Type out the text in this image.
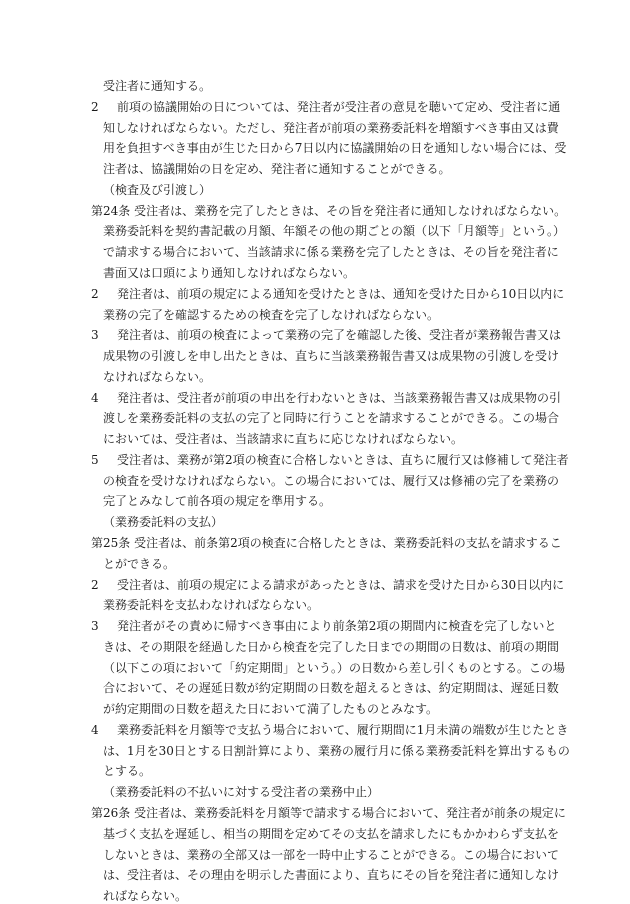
受注者に通知する。
2 前項の協議開始の日については、発注者が受注者の意見を聴いて定め、受注者に通
知しなければならない。ただし、発注者が前項の業務委託料を増額すべき事由又は費
用を負担すべき事由が生じた日から7日以内に協議開始の日を通知しない場合には、受
注者は、協議開始の日を定め、発注者に通知することができる。
（検査及び引渡し）
第24条 受注者は、業務を完了したときは、その旨を発注者に通知しなければならない。
業務委託料を契約書記載の月額、年額その他の期ごとの額（以下「月額等」という。）
で請求する場合において、当該請求に係る業務を完了したときは、その旨を発注者に
書面又は口頭により通知しなければならない。
2 発注者は、前項の規定による通知を受けたときは、通知を受けた日から10日以内に
業務の完了を確認するための検査を完了しなければならない。
3 発注者は、前項の検査によって業務の完了を確認した後、受注者が業務報告書又は
成果物の引渡しを申し出たときは、直ちに当該業務報告書又は成果物の引渡しを受け
なければならない。
4 発注者は、受注者が前項の申出を行わないときは、当該業務報告書又は成果物の引
渡しを業務委託料の支払の完了と同時に行うことを請求することができる。この場合
においては、受注者は、当該請求に直ちに応じなければならない。
5 受注者は、業務が第2項の検査に合格しないときは、直ちに履行又は修補して発注者
の検査を受けなければならない。この場合においては、履行又は修補の完了を業務の
完了とみなして前各項の規定を準用する。
（業務委託料の支払）
第25条 受注者は、前条第2項の検査に合格したときは、業務委託料の支払を請求するこ
とができる。
2 受注者は、前項の規定による請求があったときは、請求を受けた日から30日以内に
業務委託料を支払わなければならない。
3 発注者がその責めに帰すべき事由により前条第2項の期間内に検査を完了しないと
きは、その期限を経過した日から検査を完了した日までの期間の日数は、前項の期間
（以下この項において「約定期間」という。）の日数から差し引くものとする。この場
合において、その遅延日数が約定期間の日数を超えるときは、約定期間は、遅延日数
が約定期間の日数を超えた日において満了したものとみなす。
4 業務委託料を月額等で支払う場合において、履行期間に1月未満の端数が生じたとき
は、1月を30日とする日割計算により、業務の履行月に係る業務委託料を算出するもの
とする。
（業務委託料の不払いに対する受注者の業務中止）
第26条 受注者は、業務委託料を月額等で請求する場合において、発注者が前条の規定に
基づく支払を遅延し、相当の期間を定めてその支払を請求したにもかかわらず支払を
しないときは、業務の全部又は一部を一時中止することができる。この場合において
は、受注者は、その理由を明示した書面により、直ちにその旨を発注者に通知しなけ
ればならない。
